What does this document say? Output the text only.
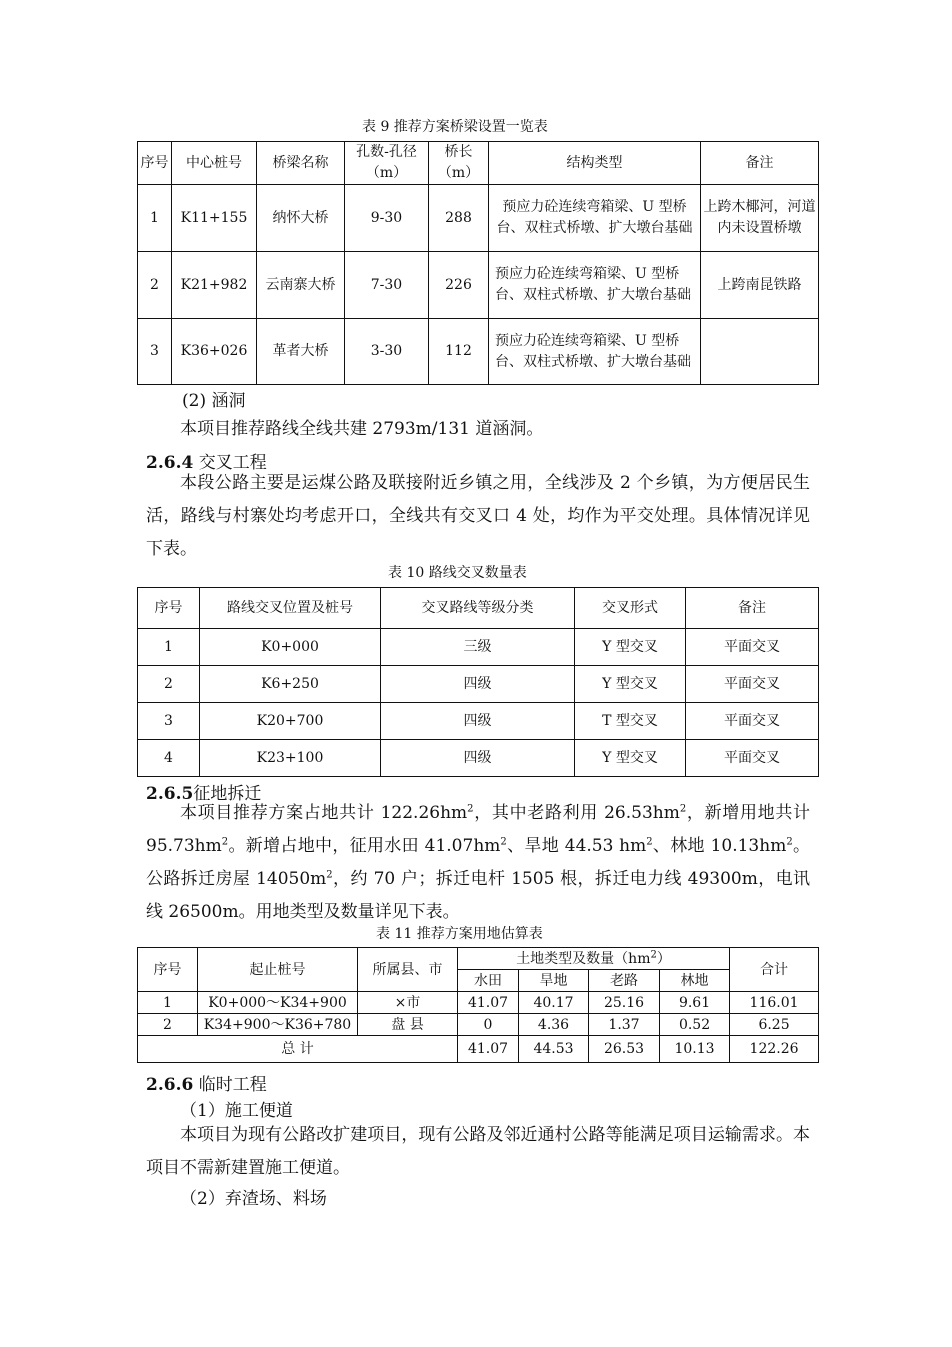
表 9 推荐方案桥梁设置一览表
序号	中心桩号	桥梁名称	孔数-孔径（m）	桥长（m）	结构类型	备注
1	K11+155	纳怀大桥	9-30	288	预应力砼连续弯箱梁、U 型桥台、双柱式桥墩、扩大墩台基础	上跨木椰河，河道内未设置桥墩
2	K21+982	云南寨大桥	7-30	226	预应力砼连续弯箱梁、U 型桥台、双柱式桥墩、扩大墩台基础	上跨南昆铁路
3	K36+026	革者大桥	3-30	112	预应力砼连续弯箱梁、U 型桥台、双柱式桥墩、扩大墩台基础	
(2) 涵洞
本项目推荐路线全线共建 2793m/131 道涵洞。
2.6.4 交叉工程
本段公路主要是运煤公路及联接附近乡镇之用，全线涉及 2 个乡镇，为方便居民生活，路线与村寨处均考虑开口，全线共有交叉口 4 处，均作为平交处理。具体情况详见下表。
表 10 路线交叉数量表
序号	路线交叉位置及桩号	交叉路线等级分类	交叉形式	备注
1	K0+000	三级	Y 型交叉	平面交叉
2	K6+250	四级	Y 型交叉	平面交叉
3	K20+700	四级	T 型交叉	平面交叉
4	K23+100	四级	Y 型交叉	平面交叉
2.6.5征地拆迁
本项目推荐方案占地共计 $122.26hm^2$，其中老路利用 $26.53hm^2$，新增用地共计 $95.73hm^2$。新增占地中，征用水田 $41.07hm^2$、旱地 44.53 $hm^2$、林地 $10.13hm^2$。公路拆迁房屋 $14050m^2$，约 70 户；拆迁电杆 1505 根，拆迁电力线 49300m，电讯线 26500m。用地类型及数量详见下表。
表 11 推荐方案用地估算表
序号	起止桩号	所属县、市	土地类型及数量$(hm^2)$				合计
			水田	旱地	老路	林地	
1	K0+000～K34+900	×市	41.07	40.17	25.16	9.61	116.01
2	K34+900～K36+780	盘 县	0	4.36	1.37	0.52	6.25
总 计			41.07	44.53	26.53	10.13	122.26
2.6.6 临时工程
（1）施工便道
本项目为现有公路改扩建项目，现有公路及邻近通村公路等能满足项目运输需求。本项目不需新建置施工便道。
（2）弃渣场、料场
